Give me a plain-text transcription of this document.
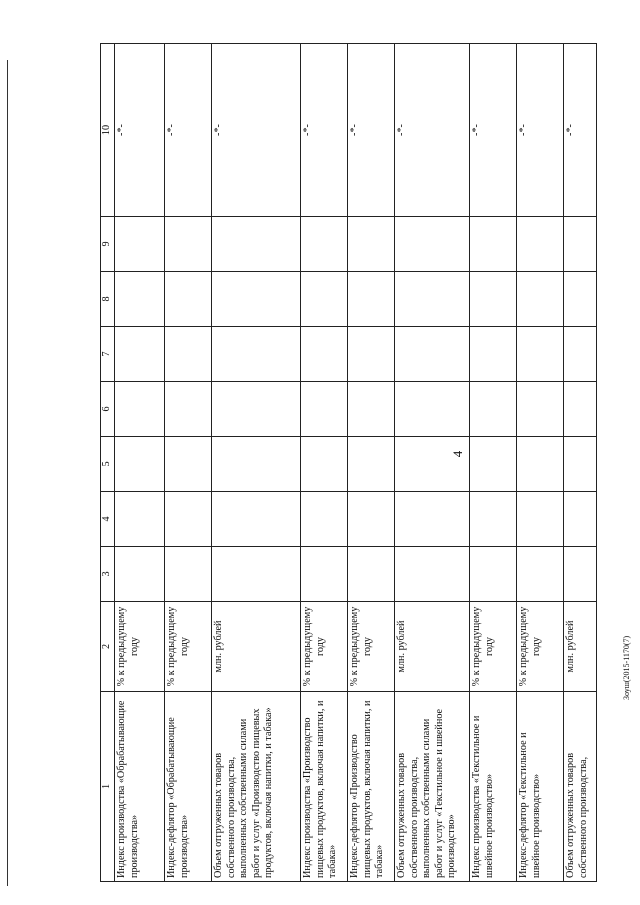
4
Зоуш(2015-1170(7)
1	2	3	4	5	6	7	8	9	10
Индекс производства «Обрабатывающие производства»	% к предыдущему году								-*-
Индекс-дефлятор «Обрабатывающие производства»	% к предыдущему году								-*-
Объем отгруженных товаров собственного производства, выполненных собственными силами работ и услуг «Производство пищевых продуктов, включая напитки, и табака»	млн. рублей								-*-
Индекс производства «Производство пищевых продуктов, включая напитки, и табака»	% к предыдущему году								-*-
Индекс-дефлятор «Производство пищевых продуктов, включая напитки, и табака»	% к предыдущему году								-*-
Объем отгруженных товаров собственного производства, выполненных собственными силами работ и услуг «Текстильное и швейное производство»	млн. рублей								-*-
Индекс производства «Текстильное и швейное производство»	% к предыдущему году								-*-
Индекс-дефлятор «Текстильное и швейное производство»	% к предыдущему году								-*-
Объем отгруженных товаров собственного производства,	млн. рублей								-*-
